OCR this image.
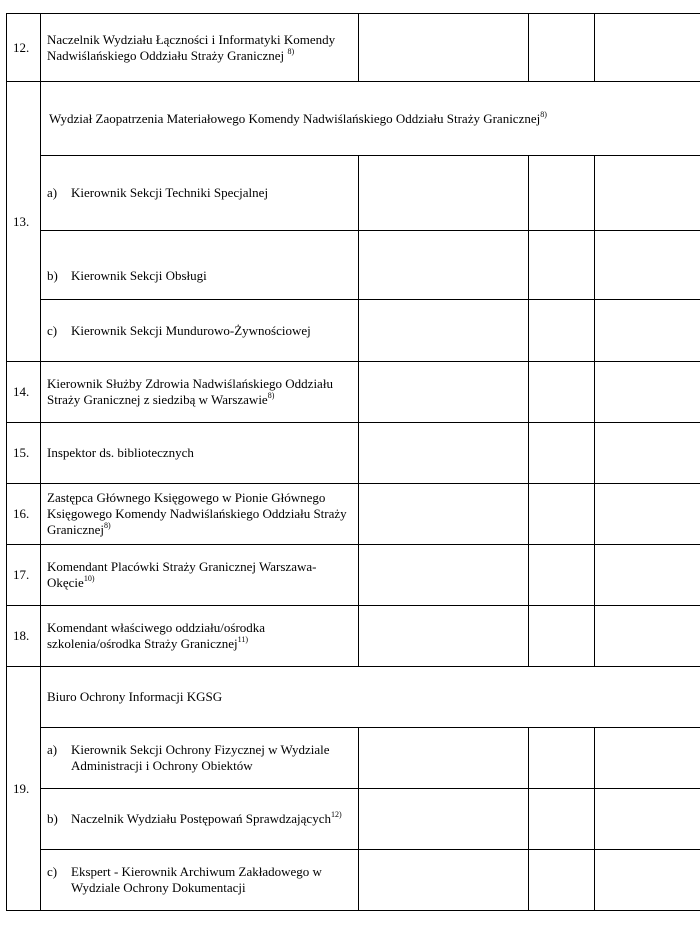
12.	Naczelnik Wydziału Łączności i Informatyki Komendy Nadwiślańskiego Oddziału Straży Granicznej $^{8)}$			
13.	Wydział Zaopatrzenia Materiałowego Komendy Nadwiślańskiego Oddziału Straży Granicznej$^{8)}$

	a) Kierownik Sekcji Techniki Specjalnej			

	b) Kierownik Sekcji Obsługi			

	c) Kierownik Sekcji Mundurowo-Żywnościowej			

14.	Kierownik Służby Zdrowia Nadwiślańskiego Oddziału Straży Granicznej z siedzibą w Warszawie$^{8)}$			
15.	Inspektor ds. bibliotecznych			
16.	Zastępca Głównego Księgowego w Pionie Głównego Księgowego Komendy Nadwiślańskiego Oddziału Straży Granicznej$^{8)}$			
17.	Komendant Placówki Straży Granicznej Warszawa-Okęcie$^{10)}$			
18.	Komendant właściwego oddziału/ośrodka szkolenia/ośrodka Straży Granicznej$^{11)}$			
19.	Biuro Ochrony Informacji KGSG			

	a) Kierownik Sekcji Ochrony Fizycznej w Wydziale Administracji i Ochrony Obiektów			

	b) Naczelnik Wydziału Postępowań Sprawdzających$^{12)}$

	c) Ekspert - Kierownik Archiwum Zakładowego w Wydziale Ochrony Dokumentacji			
